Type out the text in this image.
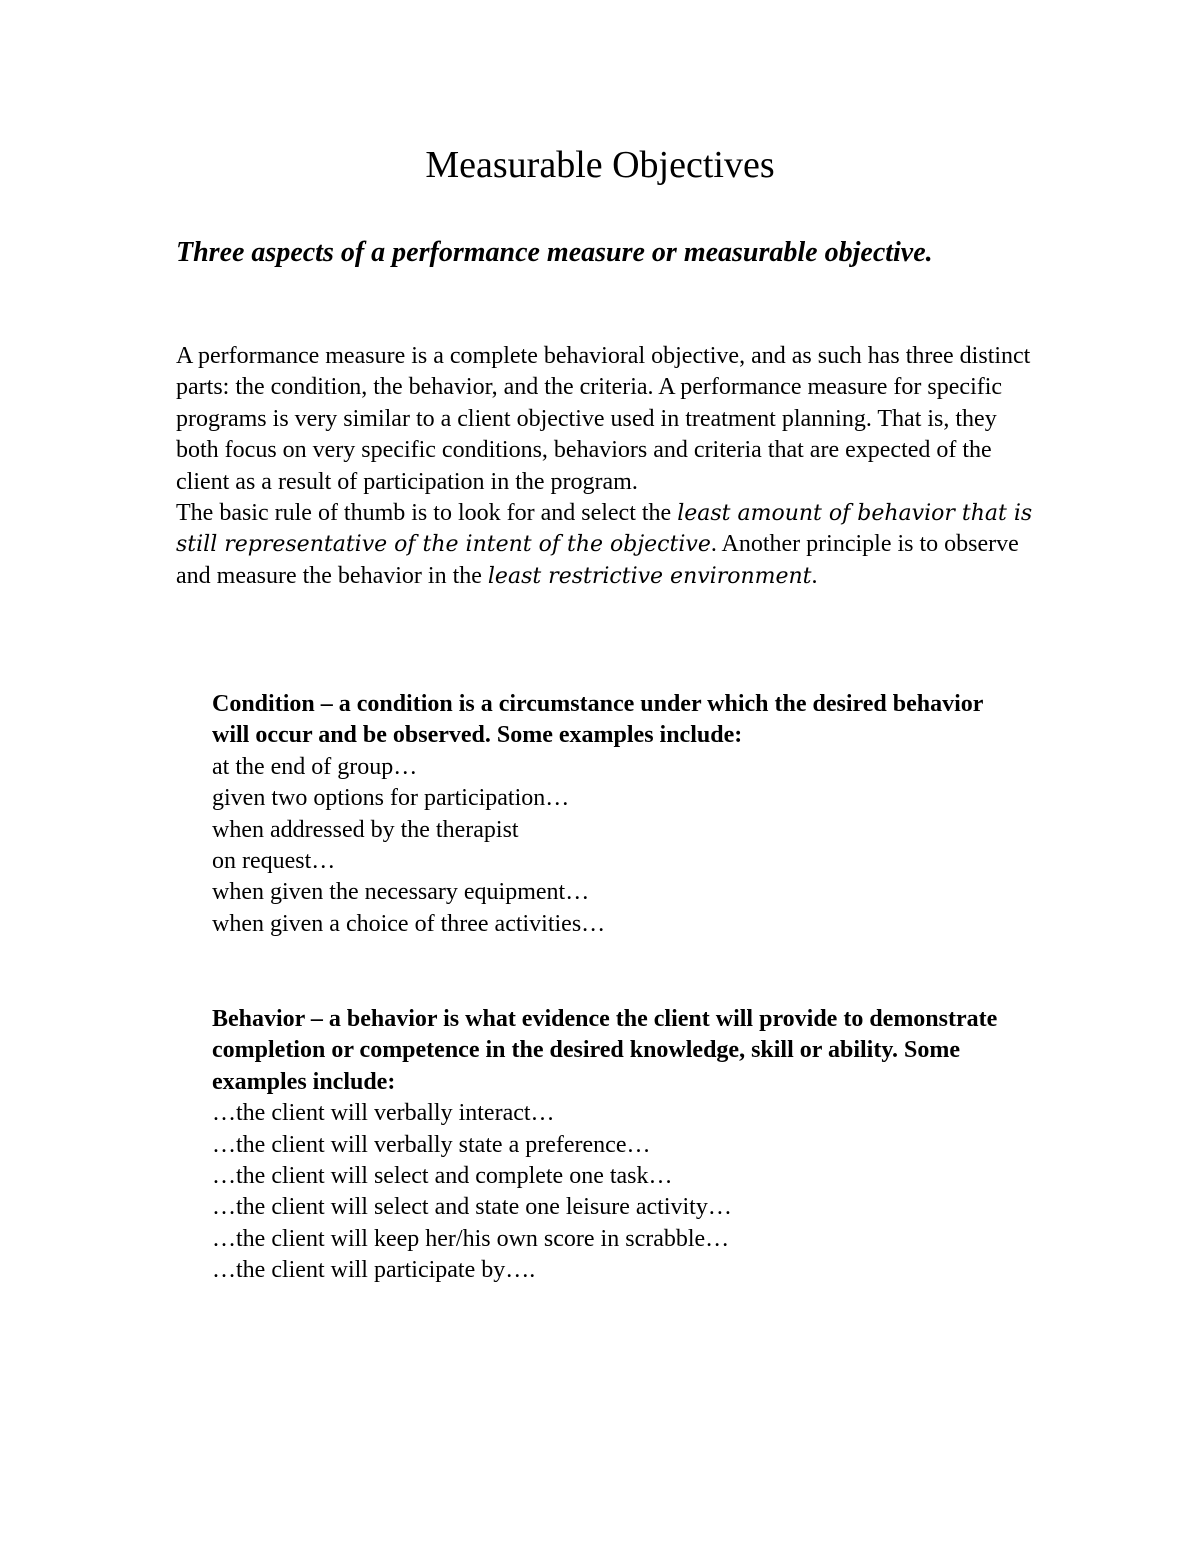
Measurable Objectives
Three aspects of a performance measure or measurable objective.

A performance measure is a complete behavioral objective, and as such has three distinct parts: the condition, the behavior, and the criteria. A performance measure for specific programs is very similar to a client objective used in treatment planning. That is, they both focus on very specific conditions, behaviors and criteria that are expected of the client as a result of participation in the program.

The basic rule of thumb is to look for and select the least amount of behavior that is still representative of the intent of the objective. Another principle is to observe and measure the behavior in the least restrictive environment.

Condition – a condition is a circumstance under which the desired behavior will occur and be observed. Some examples include:

at the end of group…
given two options for participation…
when addressed by the therapist
on request…
when given the necessary equipment…
when given a choice of three activities…

Behavior – a behavior is what evidence the client will provide to demonstrate completion or competence in the desired knowledge, skill or ability. Some examples include:

…the client will verbally interact…
…the client will verbally state a preference…
…the client will select and complete one task…
…the client will select and state one leisure activity…
…the client will keep her/his own score in scrabble…
…the client will participate by….
